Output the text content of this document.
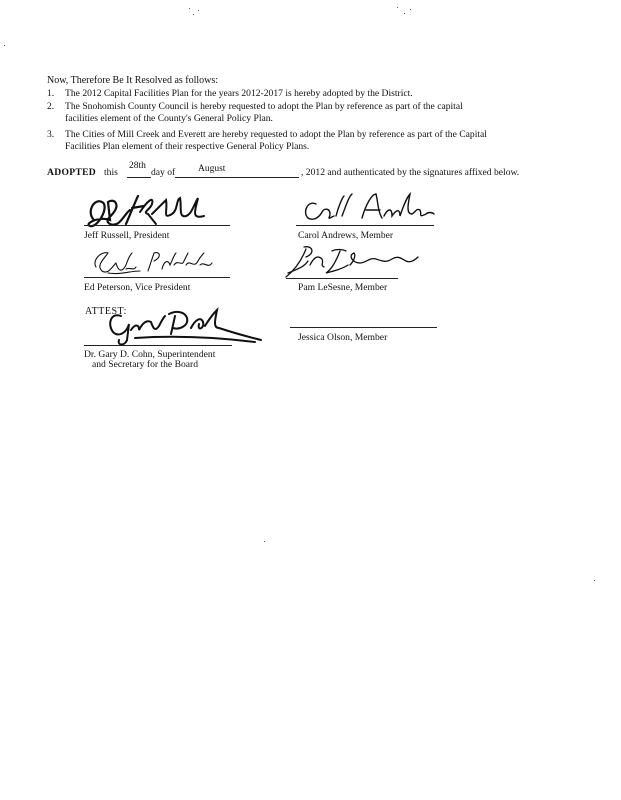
Now, Therefore Be It Resolved as follows:
1. The 2012 Capital Facilities Plan for the years 2012-2017 is hereby adopted by the District.
2. The Snohomish County Council is hereby requested to adopt the Plan by reference as part of the capital
facilities element of the County's General Policy Plan.
3. The Cities of Mill Creek and Everett are hereby requested to adopt the Plan by reference as part of the Capital
Facilities Plan element of their respective General Policy Plans.
ADOPTED this
28th
day of August	, 2012 and authenticated by the signatures affixed below.
Jeff Russell, President	Carol Andrews, Member
Ed Peterson, Vice President	Pam LeSesne, Member
ATTEST:
Dr. Gary D. Cohn, Superintendent
and Secretary for the Board
Jessica Olson, Member
